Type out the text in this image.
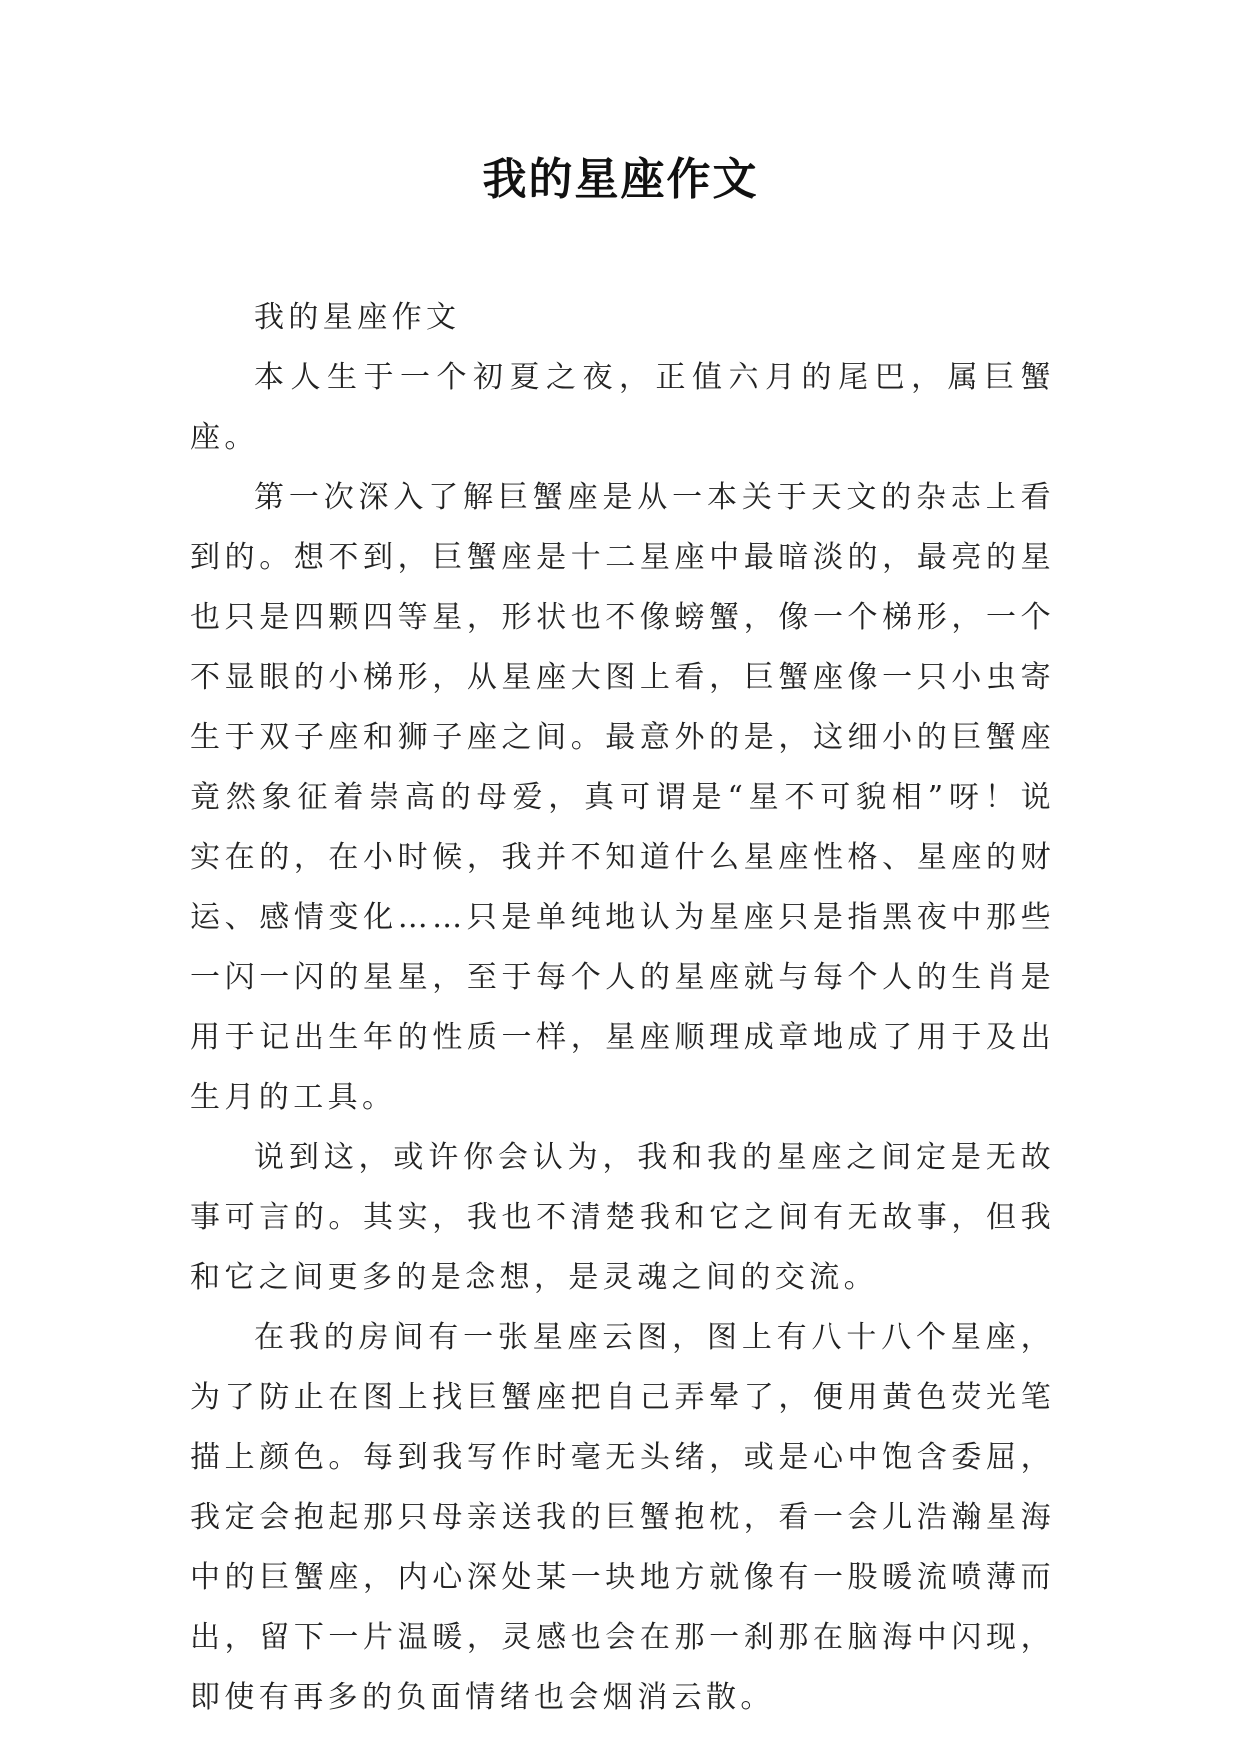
我的星座作文

我的星座作文

本人生于一个初夏之夜，正值六月的尾巴，属巨蟹座。

第一次深入了解巨蟹座是从一本关于天文的杂志上看到的。想不到，巨蟹座是十二星座中最暗淡的，最亮的星也只是四颗四等星，形状也不像螃蟹，像一个梯形，一个不显眼的小梯形，从星座大图上看，巨蟹座像一只小虫寄生于双子座和狮子座之间。最意外的是，这细小的巨蟹座竟然象征着崇高的母爱，真可谓是“星不可貌相”呀！说实在的，在小时候，我并不知道什么星座性格、星座的财运、感情变化……只是单纯地认为星座只是指黑夜中那些一闪一闪的星星，至于每个人的星座就与每个人的生肖是用于记出生年的性质一样，星座顺理成章地成了用于及出生月的工具。

说到这，或许你会认为，我和我的星座之间定是无故事可言的。其实，我也不清楚我和它之间有无故事，但我和它之间更多的是念想，是灵魂之间的交流。

在我的房间有一张星座云图，图上有八十八个星座，为了防止在图上找巨蟹座把自己弄晕了，便用黄色荧光笔描上颜色。每到我写作时毫无头绪，或是心中饱含委屈，我定会抱起那只母亲送我的巨蟹抱枕，看一会儿浩瀚星海中的巨蟹座，内心深处某一块地方就像有一股暖流喷薄而出，留下一片温暖，灵感也会在那一刹那在脑海中闪现，即使有再多的负面情绪也会烟消云散。
